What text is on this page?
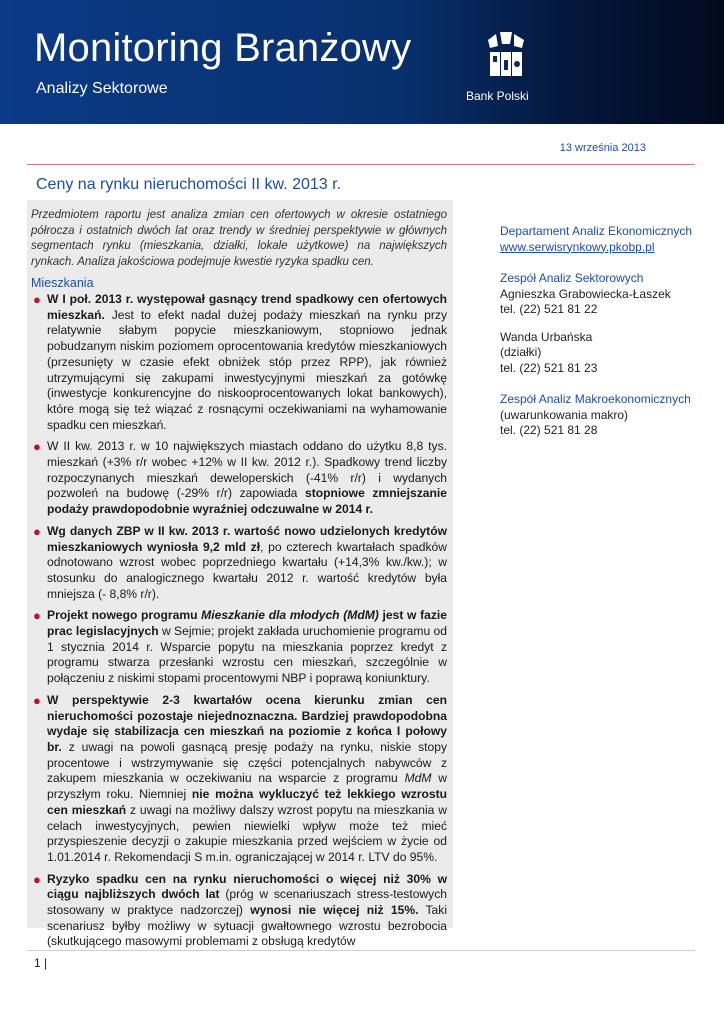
Monitoring Branżowy
Analizy Sektorowe	Bank Polski
13 września 2013
Ceny na rynku nieruchomości II kw. 2013 r.
Przedmiotem raportu jest analiza zmian cen ofertowych w okresie ostatniego półrocza i ostatnich dwóch lat oraz trendy w średniej perspektywie w głównych segmentach rynku (mieszkania, działki, lokale użytkowe) na największych rynkach. Analiza jakościowa podejmuje kwestie ryzyka spadku cen.
Mieszkania
● W I poł. 2013 r. występował gasnący trend spadkowy cen ofertowych mieszkań. Jest to efekt nadal dużej podaży mieszkań na rynku przy relatywnie słabym popycie mieszkaniowym, stopniowo jednak pobudzanym niskim poziomem oprocentowania kredytów mieszkaniowych (przesunięty w czasie efekt obniżek stóp przez RPP), jak również utrzymującymi się zakupami inwestycyjnymi mieszkań za gotówkę (inwestycje konkurencyjne do niskooprocentowanych lokat bankowych), które mogą się też wiązać z rosnącymi oczekiwaniami na wyhamowanie spadku cen mieszkań.
● W II kw. 2013 r. w 10 największych miastach oddano do użytku 8,8 tys. mieszkań (+3% r/r wobec +12% w II kw. 2012 r.). Spadkowy trend liczby rozpoczynanych mieszkań deweloperskich (-41% r/r) i wydanych pozwoleń na budowę (-29% r/r) zapowiada stopniowe zmniejszanie podaży prawdopodobnie wyraźniej odczuwalne w 2014 r.
● Wg danych ZBP w II kw. 2013 r. wartość nowo udzielonych kredytów mieszkaniowych wyniosła 9,2 mld zł, po czterech kwartałach spadków odnotowano wzrost wobec poprzedniego kwartału (+14,3% kw./kw.); w stosunku do analogicznego kwartału 2012 r. wartość kredytów była mniejsza (- 8,8% r/r).
● Projekt nowego programu Mieszkanie dla młodych (MdM) jest w fazie prac legislacyjnych w Sejmie; projekt zakłada uruchomienie programu od 1 stycznia 2014 r. Wsparcie popytu na mieszkania poprzez kredyt z programu stwarza przesłanki wzrostu cen mieszkań, szczególnie w połączeniu z niskimi stopami procentowymi NBP i poprawą koniunktury.
● W perspektywie 2-3 kwartałów ocena kierunku zmian cen nieruchomości pozostaje niejednoznaczna. Bardziej prawdopodobna wydaje się stabilizacja cen mieszkań na poziomie z końca I połowy br. z uwagi na powoli gasnącą presję podaży na rynku, niskie stopy procentowe i wstrzymywanie się części potencjalnych nabywców z zakupem mieszkania w oczekiwaniu na wsparcie z programu MdM w przyszłym roku. Niemniej nie można wykluczyć też lekkiego wzrostu cen mieszkań z uwagi na możliwy dalszy wzrost popytu na mieszkania w celach inwestycyjnych, pewien niewielki wpływ może też mieć przyspieszenie decyzji o zakupie mieszkania przed wejściem w życie od 1.01.2014 r. Rekomendacji S m.in. ograniczającej w 2014 r. LTV do 95%.
● Ryzyko spadku cen na rynku nieruchomości o więcej niż 30% w ciągu najbliższych dwóch lat (próg w scenariuszach stress-testowych stosowany w praktyce nadzorczej) wynosi nie więcej niż 15%. Taki scenariusz byłby możliwy w sytuacji gwałtownego wzrostu bezrobocia (skutkującego masowymi problemami z obsługą kredytów
Departament Analiz Ekonomicznych
www.serwisrynkowy.pkobp.pl
Zespół Analiz Sektorowych
Agnieszka Grabowiecka-Łaszek
tel. (22) 521 81 22
Wanda Urbańska
(działki)
tel. (22) 521 81 23
Zespół Analiz Makroekonomicznych
(uwarunkowania makro)
tel. (22) 521 81 28
1 |
